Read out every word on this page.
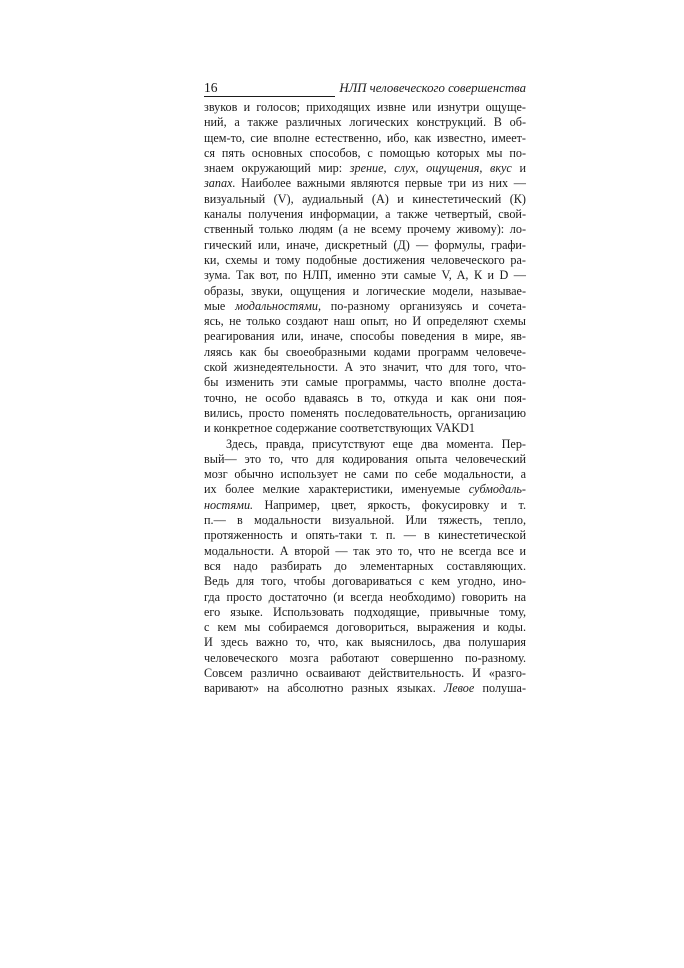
16	НЛП человеческого совершенства
звуков и голосов; приходящих извне или изнутри ощуще-
ний, а также различных логических конструкций. В об-
щем-то, сие вполне естественно, ибо, как известно, имеет-
ся пять основных способов, с помощью которых мы по-
знаем окружающий мир: зрение, слух, ощущения, вкус и
запах. Наиболее важными являются первые три из них —
визуальный (V), аудиальный (А) и кинестетический (К)
каналы получения информации, а также четвертый, свой-
ственный только людям (а не всему прочему живому): ло-
гический или, иначе, дискретный (Д) — формулы, графи-
ки, схемы и тому подобные достижения человеческого ра-
зума. Так вот, по НЛП, именно эти самые V, A, К и D —
образы, звуки, ощущения и логические модели, называе-
мые модальностями, по-разному организуясь и сочета-
ясь, не только создают наш опыт, но И определяют схемы
реагирования или, иначе, способы поведения в мире, яв-
ляясь как бы своеобразными кодами программ человече-
ской жизнедеятельности. А это значит, что для того, что-
бы изменить эти самые программы, часто вполне доста-
точно, не особо вдаваясь в то, откуда и как они поя-
вились, просто поменять последовательность, организацию
и конкретное содержание соответствующих VAKD1
Здесь, правда, присутствуют еще два момента. Пер-
вый— это то, что для кодирования опыта человеческий
мозг обычно использует не сами по себе модальности, а
их более мелкие характеристики, именуемые субмодаль-
ностями. Например, цвет, яркость, фокусировку и т.
п.— в модальности визуальной. Или тяжесть, тепло,
протяженность и опять-таки т. п. — в кинестетической
модальности. А второй — так это то, что не всегда все и
вся надо разбирать до элементарных составляющих.
Ведь для того, чтобы договариваться с кем угодно, ино-
гда просто достаточно (и всегда необходимо) говорить на
его языке. Использовать подходящие, привычные тому,
с кем мы собираемся договориться, выражения и коды.
И здесь важно то, что, как выяснилось, два полушария
человеческого мозга работают совершенно по-разному.
Совсем различно осваивают действительность. И «разго-
варивают» на абсолютно разных языках. Левое полуша-
